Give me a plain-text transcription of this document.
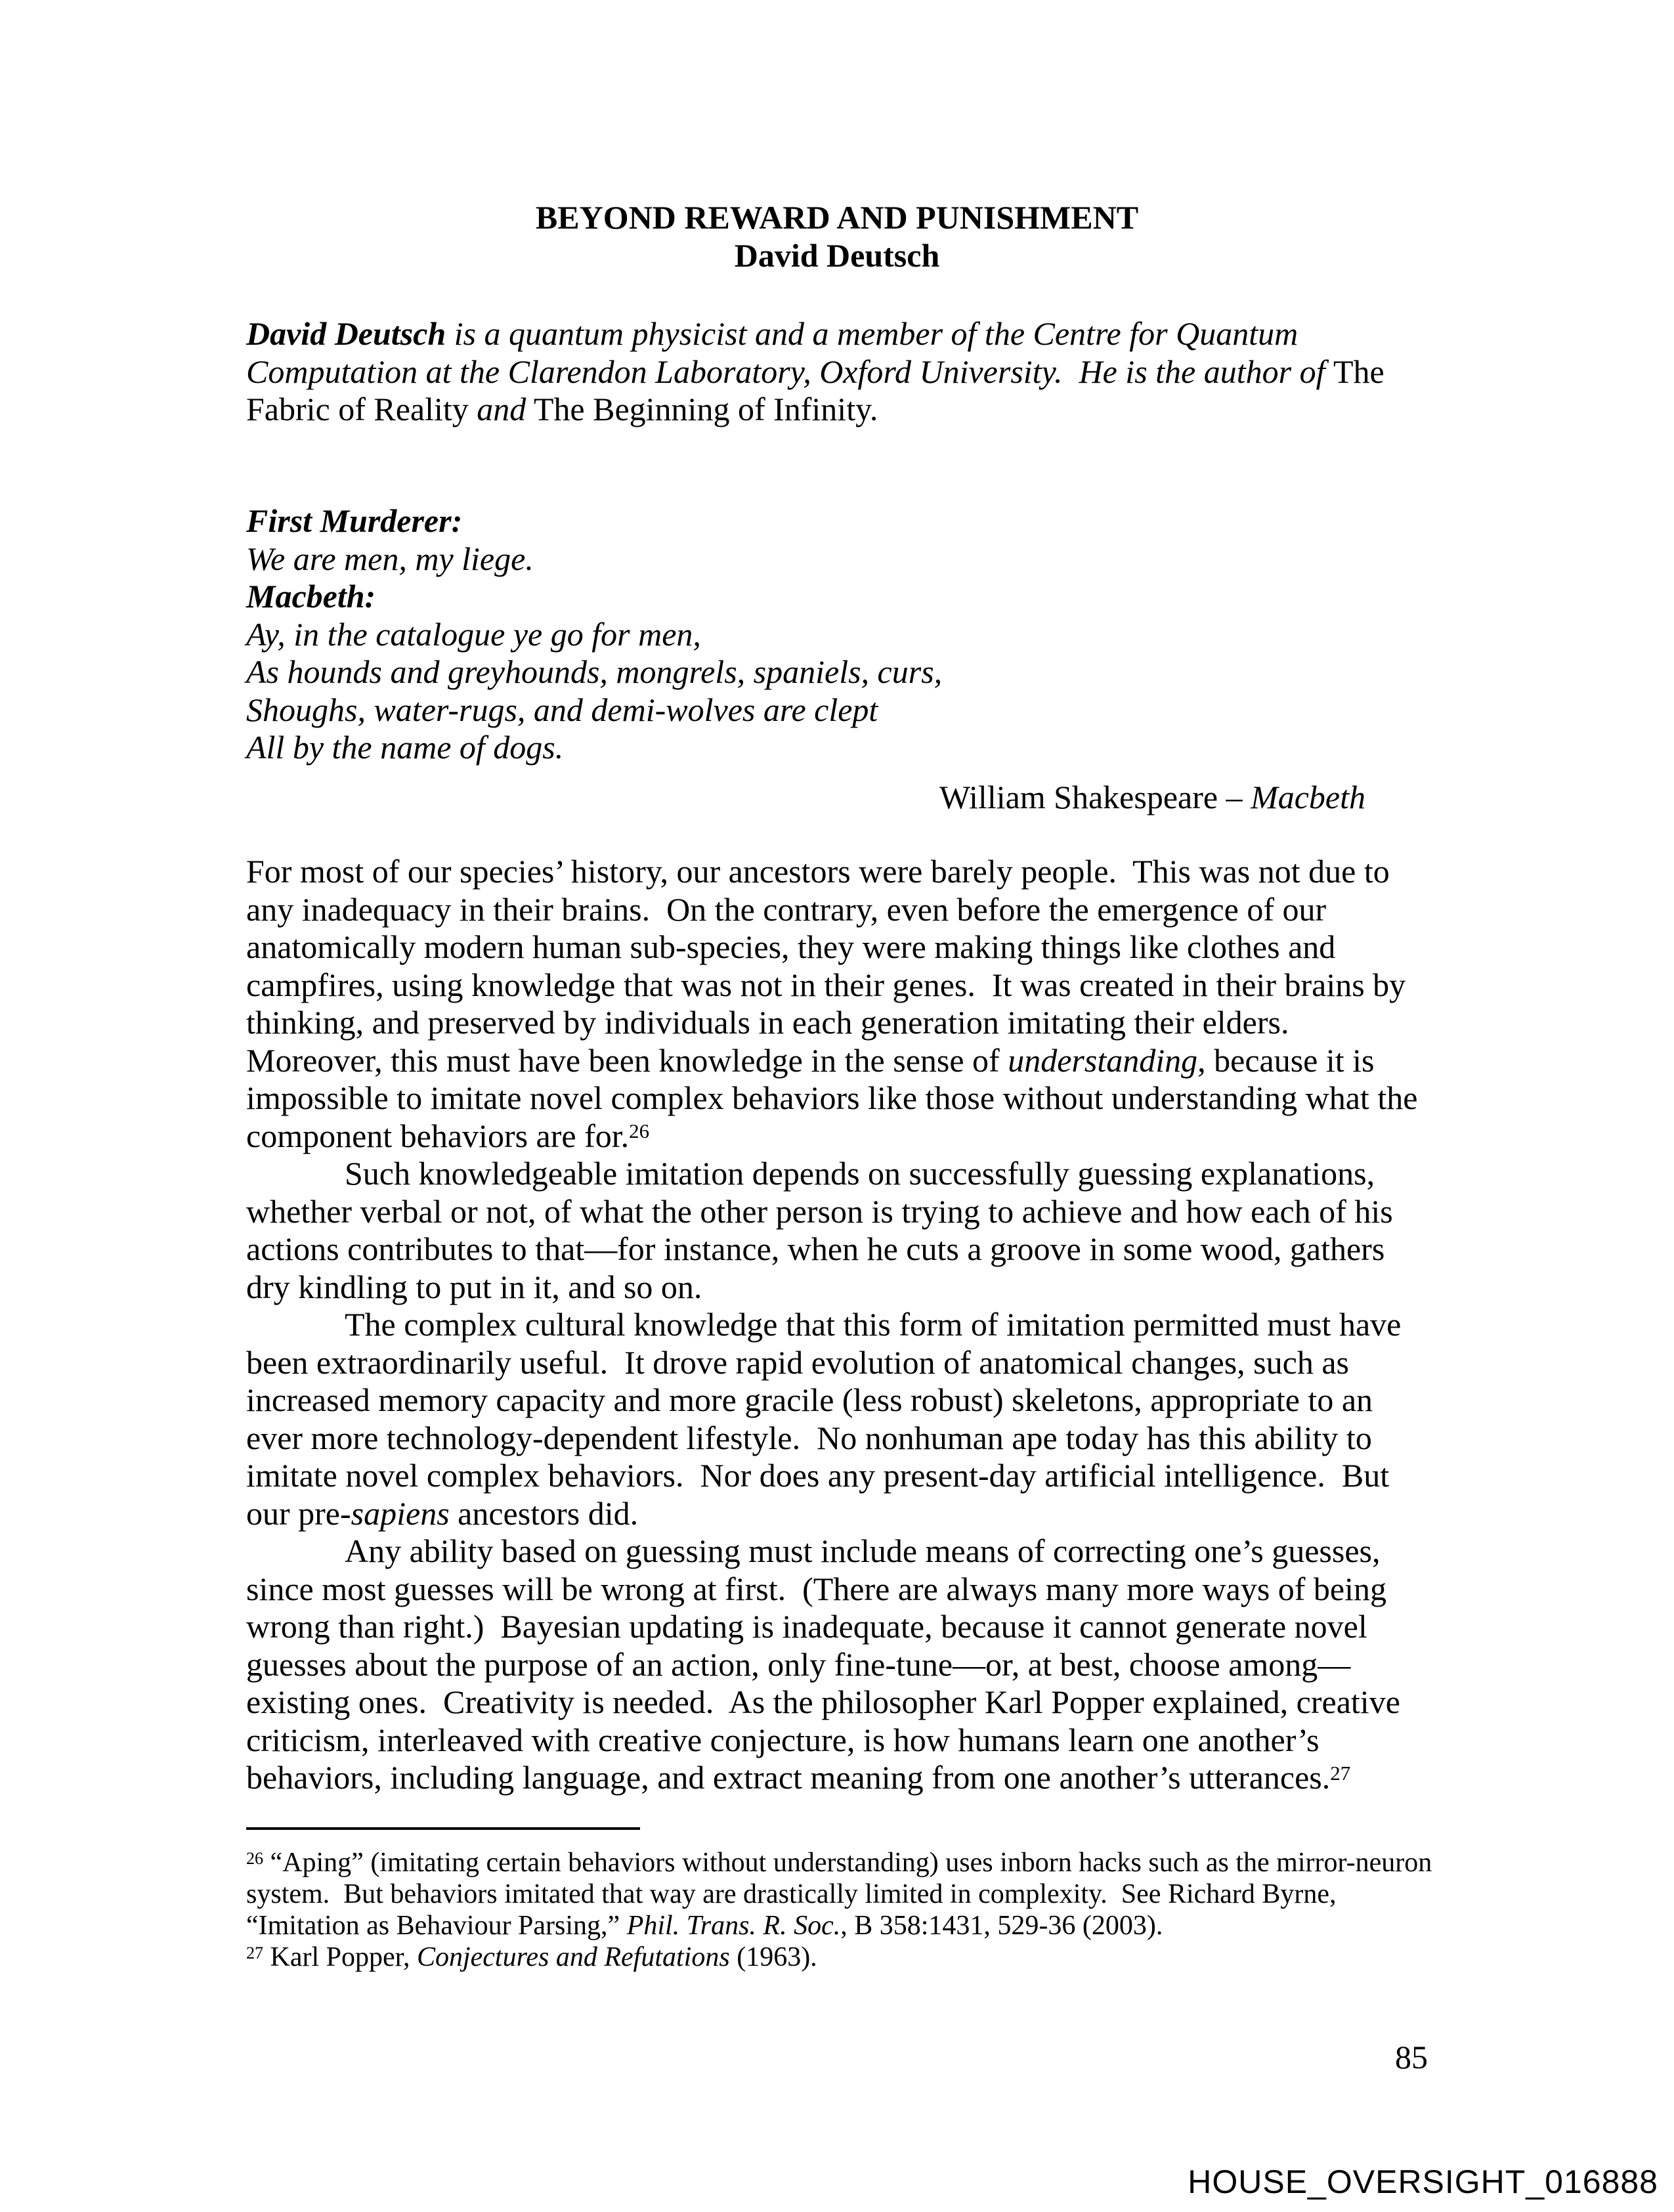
BEYOND REWARD AND PUNISHMENT
David Deutsch
David Deutsch is a quantum physicist and a member of the Centre for Quantum
Computation at the Clarendon Laboratory, Oxford University.  He is the author of The
Fabric of Reality and The Beginning of Infinity.
First Murderer:
We are men, my liege.
Macbeth:
Ay, in the catalogue ye go for men,
As hounds and greyhounds, mongrels, spaniels, curs,
Shoughs, water-rugs, and demi-wolves are clept
All by the name of dogs.
William Shakespeare – Macbeth
For most of our species’ history, our ancestors were barely people.  This was not due to
any inadequacy in their brains.  On the contrary, even before the emergence of our
anatomically modern human sub-species, they were making things like clothes and
campfires, using knowledge that was not in their genes.  It was created in their brains by
thinking, and preserved by individuals in each generation imitating their elders.
Moreover, this must have been knowledge in the sense of understanding, because it is
impossible to imitate novel complex behaviors like those without understanding what the
component behaviors are for.$^{26}$
Such knowledgeable imitation depends on successfully guessing explanations,
whether verbal or not, of what the other person is trying to achieve and how each of his
actions contributes to that—for instance, when he cuts a groove in some wood, gathers
dry kindling to put in it, and so on.
The complex cultural knowledge that this form of imitation permitted must have
been extraordinarily useful.  It drove rapid evolution of anatomical changes, such as
increased memory capacity and more gracile (less robust) skeletons, appropriate to an
ever more technology-dependent lifestyle.  No nonhuman ape today has this ability to
imitate novel complex behaviors.  Nor does any present-day artificial intelligence.  But
our pre-sapiens ancestors did.
Any ability based on guessing must include means of correcting one’s guesses,
since most guesses will be wrong at first.  (There are always many more ways of being
wrong than right.)  Bayesian updating is inadequate, because it cannot generate novel
guesses about the purpose of an action, only fine-tune—or, at best, choose among—
existing ones.  Creativity is needed.  As the philosopher Karl Popper explained, creative
criticism, interleaved with creative conjecture, is how humans learn one another’s
behaviors, including language, and extract meaning from one another’s utterances.$^{27}$
$^{26}$ “Aping” (imitating certain behaviors without understanding) uses inborn hacks such as the mirror-neuron
system.  But behaviors imitated that way are drastically limited in complexity.  See Richard Byrne,
“Imitation as Behaviour Parsing,” Phil. Trans. R. Soc., B 358:1431, 529-36 (2003).
$^{27}$ Karl Popper, Conjectures and Refutations (1963).
85
HOUSE_OVERSIGHT_016888
